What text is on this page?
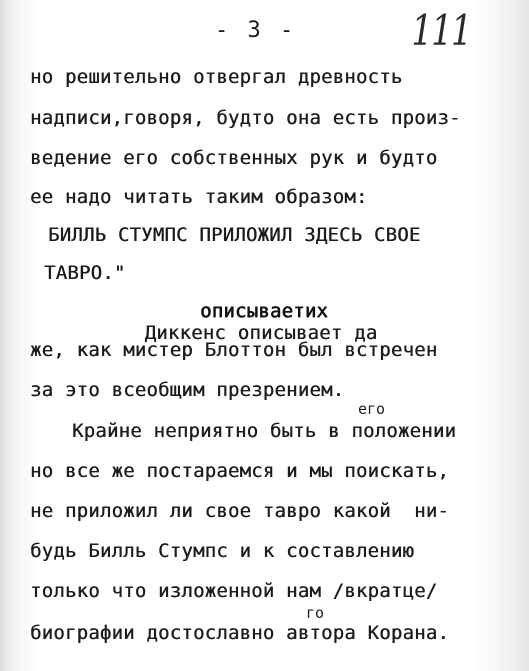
- 3 -	111
но решительно отвергал древность
надписи,говоря, будто она есть произ-
ведение его собственных рук и будто
ее надо читать таким образом:
БИЛЛЬ СТУМПС ПРИЛОЖИЛ ЗДЕСЬ СВОЕ
ТАВРО."

Диккенс описывает да

описываетих
же, как мистер Блоттон был встречен
за это всеобщим презрением.
его
Крайне неприятно быть в положении
но все же постараемся и мы поискать,
не приложил ли свое тавро какой  ни-
будь Билль Стумпс и к составлению
только что изложенной нам /вкратце/
го
биографии достославно автора Корана.
